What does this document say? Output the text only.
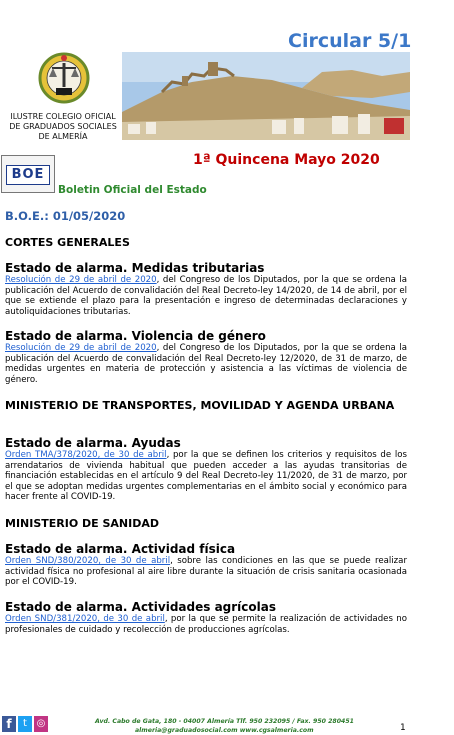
Circular 5/1
ILUSTRE COLEGIO OFICIAL
DE GRADUADOS SOCIALES
DE ALMERÍA
1ª Quincena Mayo 2020
BOE
Boletin Oficial del Estado
B.O.E.: 01/05/2020

CORTES GENERALES

Estado de alarma. Medidas tributarias

Resolución de 29 de abril de 2020, del Congreso de los Diputados, por la que se ordena la publicación del Acuerdo de convalidación del Real Decreto-ley 14/2020, de 14 de abril, por el que se extiende el plazo para la presentación e ingreso de determinadas declaraciones y autoliquidaciones tributarias.

Estado de alarma. Violencia de género

Resolución de 29 de abril de 2020, del Congreso de los Diputados, por la que se ordena la publicación del Acuerdo de convalidación del Real Decreto-ley 12/2020, de 31 de marzo, de medidas urgentes en materia de protección y asistencia a las víctimas de violencia de género.

MINISTERIO DE TRANSPORTES, MOVILIDAD Y AGENDA URBANA

Estado de alarma. Ayudas

Orden TMA/378/2020, de 30 de abril, por la que se definen los criterios y requisitos de los arrendatarios de vivienda habitual que pueden acceder a las ayudas transitorias de financiación establecidas en el artículo 9 del Real Decreto-ley 11/2020, de 31 de marzo, por el que se adoptan medidas urgentes complementarias en el ámbito social y económico para hacer frente al COVID-19.

MINISTERIO DE SANIDAD

Estado de alarma. Actividad física

Orden SND/380/2020, de 30 de abril, sobre las condiciones en las que se puede realizar actividad física no profesional al aire libre durante la situación de crisis sanitaria ocasionada por el COVID-19.

Estado de alarma. Actividades agrícolas

Orden SND/381/2020, de 30 de abril, por la que se permite la realización de actividades no profesionales de cuidado y recolección de producciones agrícolas.

f	t ◎	Avd. Cabo de Gata, 180 - 04007 Almería Tlf. 950 232095 / Fax. 950 280451
almeria@graduadosocial.com www.cgsalmeria.com	1
